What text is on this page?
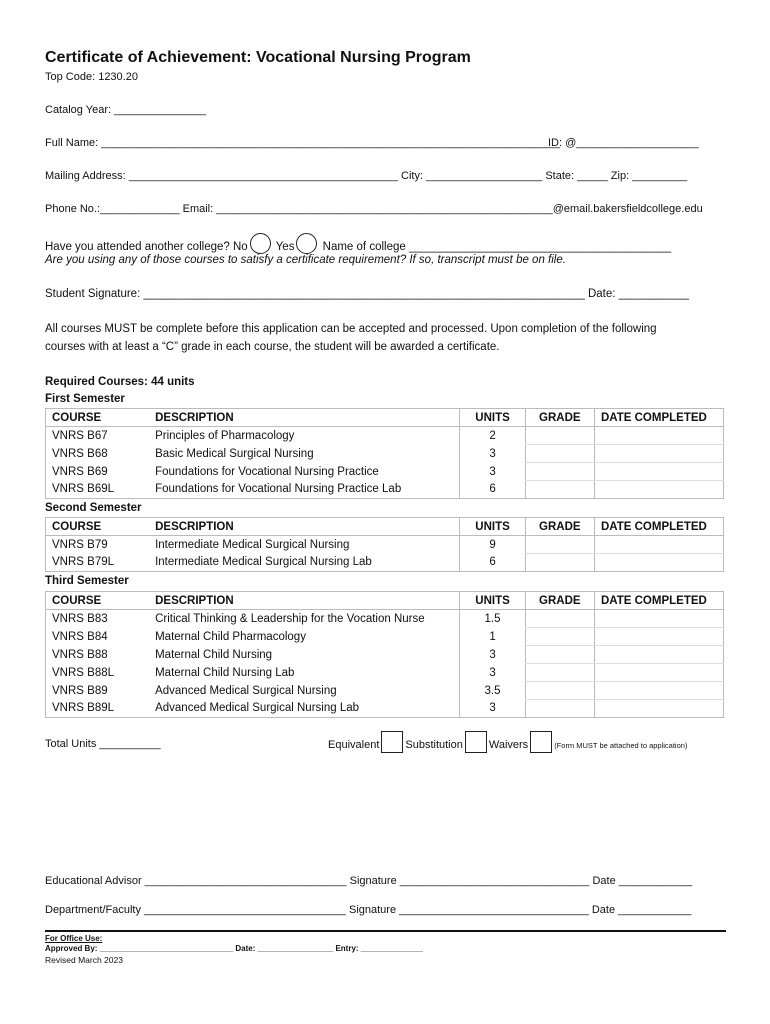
Certificate of Achievement: Vocational Nursing Program
Top Code: 1230.20
Catalog Year: _______________
Full Name: ___________________________________________________________________________
ID: @____________________
Mailing Address: ____________________________________________ City: ___________________ State: _____ Zip: _________
Phone No.:_____________ Email: _______________________________________________________@email.bakersfieldcollege.edu
Have you attended another college? No Yes Name of college _________________________________________
Are you using any of those courses to satisfy a certificate requirement? If so, transcript must be on file.
Student Signature: _____________________________________________________________________ Date: ___________
All courses MUST be complete before this application can be accepted and processed. Upon completion of the following
courses with at least a “C” grade in each course, the student will be awarded a certificate.
Required Courses: 44 units
First Semester
COURSE	DESCRIPTION	UNITS	GRADE	DATE COMPLETED
VNRS B67	Principles of Pharmacology	2		
VNRS B68	Basic Medical Surgical Nursing	3		
VNRS B69	Foundations for Vocational Nursing Practice	3		
VNRS B69L	Foundations for Vocational Nursing Practice Lab	6		
Second Semester
COURSE	DESCRIPTION	UNITS	GRADE	DATE COMPLETED
VNRS B79	Intermediate Medical Surgical Nursing	9		
VNRS B79L	Intermediate Medical Surgical Nursing Lab	6		
Third Semester
COURSE	DESCRIPTION	UNITS	GRADE	DATE COMPLETED
VNRS B83	Critical Thinking & Leadership for the Vocation Nurse	1.5		
VNRS B84	Maternal Child Pharmacology	1		
VNRS B88	Maternal Child Nursing	3		
VNRS B88L	Maternal Child Nursing Lab	3		
VNRS B89	Advanced Medical Surgical Nursing	3.5		
VNRS B89L	Advanced Medical Surgical Nursing Lab	3		
Total Units __________	Equivalent Substitution Waivers	(Form MUST be attached to application)
Educational Advisor _________________________________ Signature _______________________________ Date ____________
Department/Faculty _________________________________ Signature _______________________________ Date ____________
For Office Use:
Approved By: ______________________________ Date: _________________ Entry: ______________
Revised March 2023
